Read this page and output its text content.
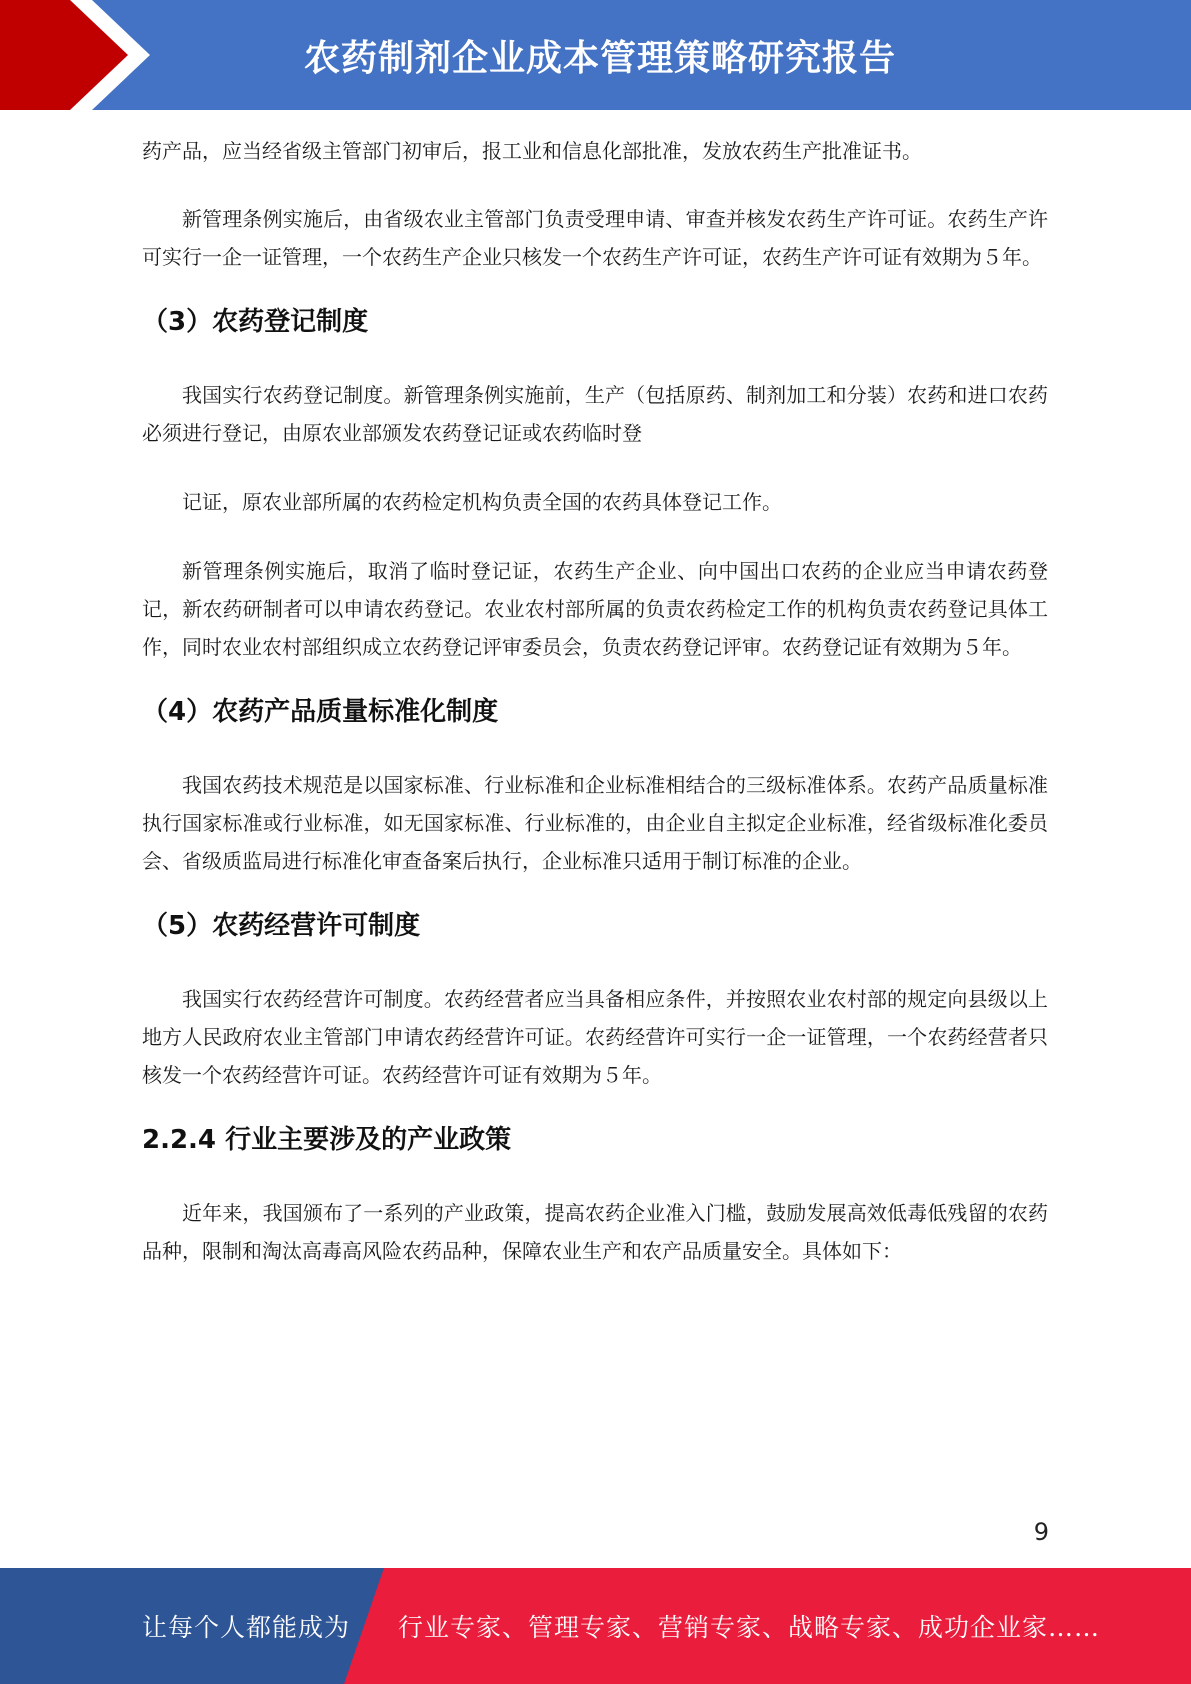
农药制剂企业成本管理策略研究报告

药产品，应当经省级主管部门初审后，报工业和信息化部批准，发放农药生产批准证书。

新管理条例实施后，由省级农业主管部门负责受理申请、审查并核发农药生产许可证。农药生产许可实行一企一证管理，一个农药生产企业只核发一个农药生产许可证，农药生产许可证有效期为５年。

（3）农药登记制度

我国实行农药登记制度。新管理条例实施前，生产（包括原药、制剂加工和分装）农药和进口农药必须进行登记，由原农业部颁发农药登记证或农药临时登

记证，原农业部所属的农药检定机构负责全国的农药具体登记工作。

新管理条例实施后，取消了临时登记证，农药生产企业、向中国出口农药的企业应当申请农药登记，新农药研制者可以申请农药登记。农业农村部所属的负责农药检定工作的机构负责农药登记具体工作，同时农业农村部组织成立农药登记评审委员会，负责农药登记评审。农药登记证有效期为５年。

（4）农药产品质量标准化制度

我国农药技术规范是以国家标准、行业标准和企业标准相结合的三级标准体系。农药产品质量标准执行国家标准或行业标准，如无国家标准、行业标准的，由企业自主拟定企业标准，经省级标准化委员会、省级质监局进行标准化审查备案后执行，企业标准只适用于制订标准的企业。

（5）农药经营许可制度

我国实行农药经营许可制度。农药经营者应当具备相应条件，并按照农业农村部的规定向县级以上地方人民政府农业主管部门申请农药经营许可证。农药经营许可实行一企一证管理，一个农药经营者只核发一个农药经营许可证。农药经营许可证有效期为５年。

2.2.4 行业主要涉及的产业政策

近年来，我国颁布了一系列的产业政策，提高农药企业准入门槛，鼓励发展高效低毒低残留的农药品种，限制和淘汰高毒高风险农药品种，保障农业生产和农产品质量安全。具体如下：

9
让每个人都能成为 行业专家、管理专家、营销专家、战略专家、成功企业家……
